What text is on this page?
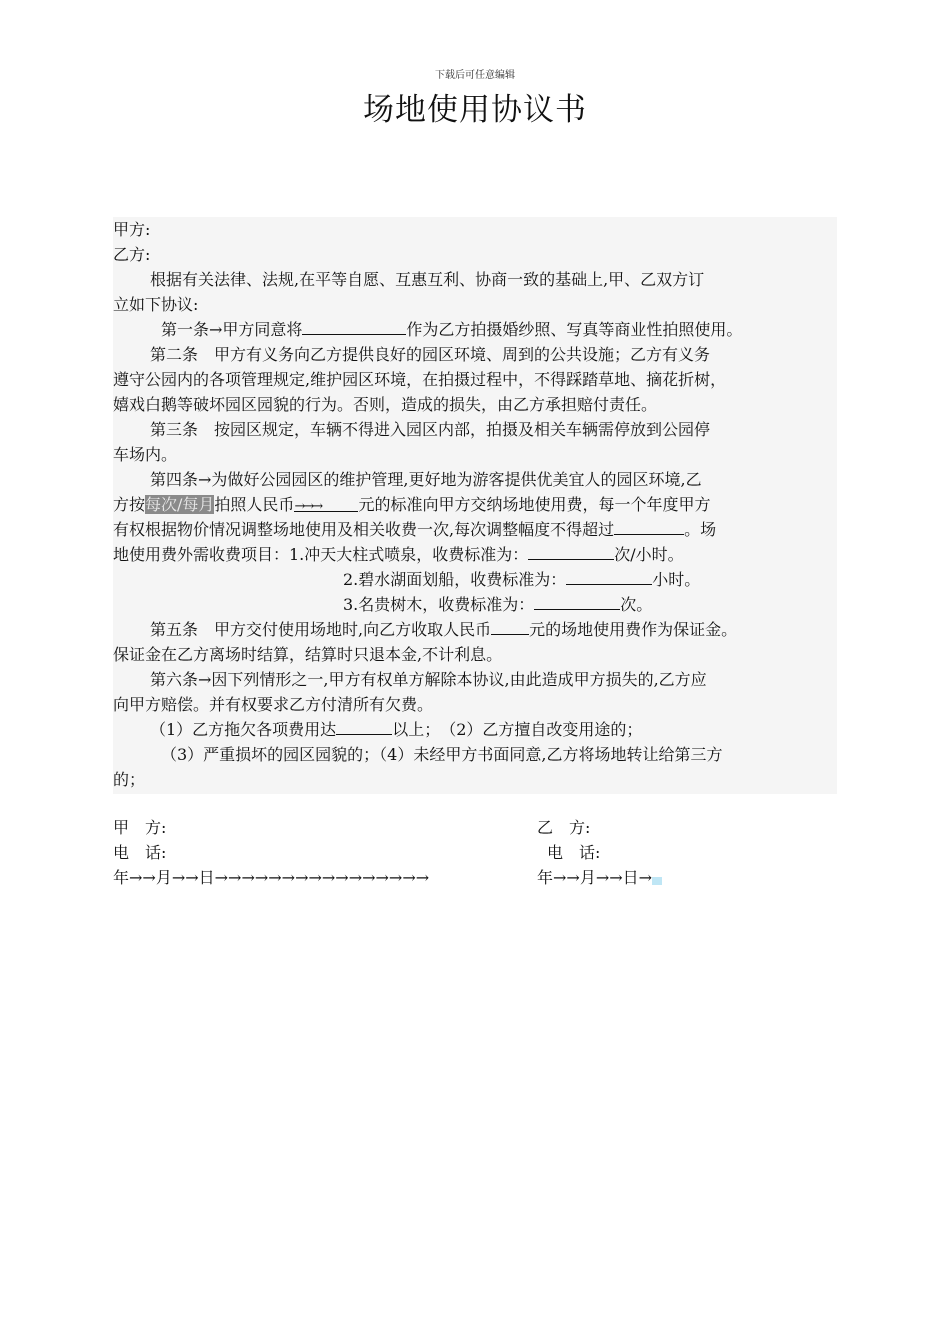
下载后可任意编辑
场地使用协议书
甲方:
乙方:
根据有关法律、法规,在平等自愿、互惠互利、协商一致的基础上,甲、乙双方订
立如下协议:
第一条→甲方同意将	作为乙方拍摄婚纱照、写真等商业性拍照使用。
第二条　甲方有义务向乙方提供良好的园区环境、周到的公共设施；乙方有义务
遵守公园内的各项管理规定,维护园区环境，在拍摄过程中，不得踩踏草地、摘花折树，
嬉戏白鹅等破坏园区园貌的行为。否则，造成的损失，由乙方承担赔付责任。
第三条　按园区规定，车辆不得进入园区内部，拍摄及相关车辆需停放到公园停
车场内。
第四条→为做好公园园区的维护管理,更好地为游客提供优美宜人的园区环境,乙
方按每次/每月拍照人民币→→→ 元的标准向甲方交纳场地使用费，每一个年度甲方
有权根据物价情况调整场地使用及相关收费一次,每次调整幅度不得超过	。场
地使用费外需收费项目：1.冲天大柱式喷泉，收费标准为：	次/小时。
2.碧水湖面划船，收费标准为：	小时。
3.名贵树木，收费标准为：	次。
第五条　甲方交付使用场地时,向乙方收取人民币 元的场地使用费作为保证金。
保证金在乙方离场时结算，结算时只退本金,不计利息。
第六条→因下列情形之一,甲方有权单方解除本协议,由此造成甲方损失的,乙方应
向甲方赔偿。并有权要求乙方付清所有欠费。
（1）乙方拖欠各项费用达	以上；　（2）乙方擅自改变用途的；
（3）严重损坏的园区园貌的；（4）未经甲方书面同意,乙方将场地转让给第三方
的；
甲　方:	乙　方:
电　话:	电　话:
年→→月→→日→→→→→→→→→→→→→→→→	年→→月→→日→
